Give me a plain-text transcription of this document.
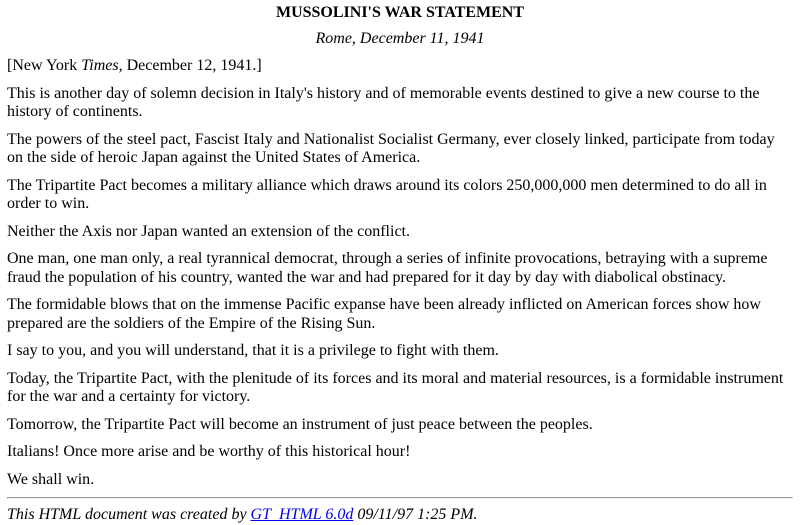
MUSSOLINI'S WAR STATEMENT

Rome, December 11, 1941

[New York Times, December 12, 1941.]

This is another day of solemn decision in Italy's history and of memorable events destined to give a new course to the history of continents.

The powers of the steel pact, Fascist Italy and Nationalist Socialist Germany, ever closely linked, participate from today on the side of heroic Japan against the United States of America.

The Tripartite Pact becomes a military alliance which draws around its colors 250,000,000 men determined to do all in order to win.

Neither the Axis nor Japan wanted an extension of the conflict.

One man, one man only, a real tyrannical democrat, through a series of infinite provocations, betraying with a supreme fraud the population of his country, wanted the war and had prepared for it day by day with diabolical obstinacy.

The formidable blows that on the immense Pacific expanse have been already inflicted on American forces show how prepared are the soldiers of the Empire of the Rising Sun.

I say to you, and you will understand, that it is a privilege to fight with them.

Today, the Tripartite Pact, with the plenitude of its forces and its moral and material resources, is a formidable instrument for the war and a certainty for victory.

Tomorrow, the Tripartite Pact will become an instrument of just peace between the peoples.

Italians! Once more arise and be worthy of this historical hour!

We shall win.

This HTML document was created by GT_HTML 6.0d 09/11/97 1:25 PM.
